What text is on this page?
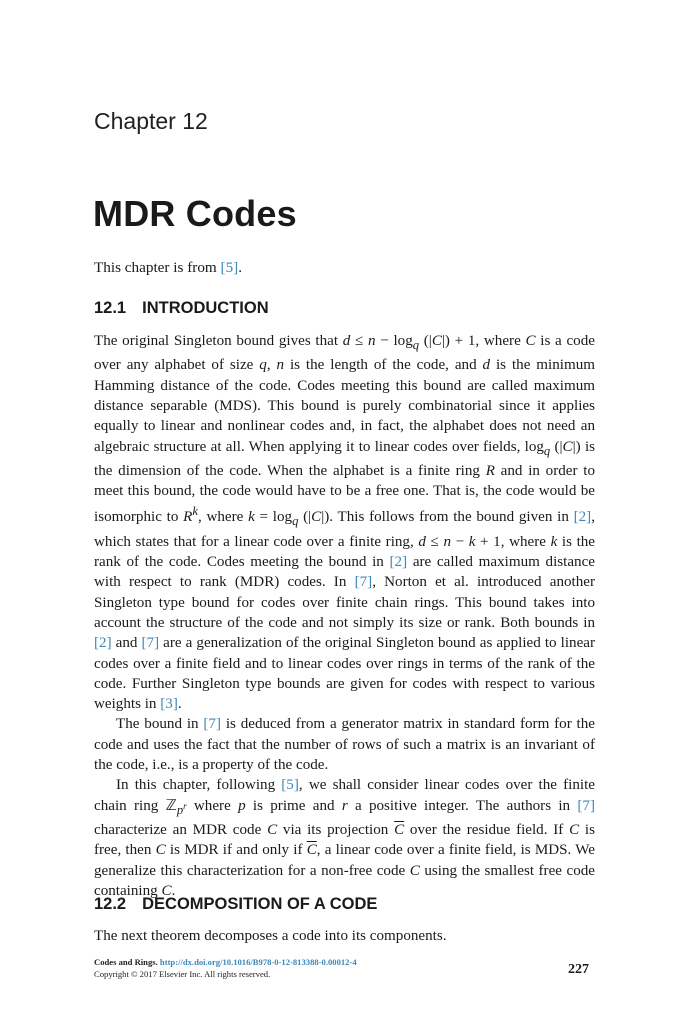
Chapter 12
MDR Codes

This chapter is from [5].

12.1 INTRODUCTION

The original Singleton bound gives that $d \le n - \log_q (|C|) + 1$, where C is a code over any alphabet of size q, n is the length of the code, and d is the minimum Hamming distance of the code. Codes meeting this bound are called maximum distance separable (MDS). This bound is purely combinatorial since it applies equally to linear and nonlinear codes and, in fact, the alphabet does not need an algebraic structure at all. When applying it to linear codes over fields, $\log_q (|C|)$ is the dimension of the code. When the alphabet is a finite ring R and in order to meet this bound, the code would have to be a free one. That is, the code would be isomorphic to $R^k$, where $k = \log_q (|C|)$. This follows from the bound given in [2], which states that for a linear code over a finite ring, d ≤ n − k + 1, where k is the rank of the code. Codes meeting the bound in [2] are called maximum distance with respect to rank (MDR) codes. In [7], Norton et al. introduced another Singleton type bound for codes over finite chain rings. This bound takes into account the structure of the code and not simply its size or rank. Both bounds in [2] and [7] are a generalization of the original Singleton bound as applied to linear codes over a finite field and to linear codes over rings in terms of the rank of the code. Further Singleton type bounds are given for codes with respect to various weights in [3].

The bound in [7] is deduced from a generator matrix in standard form for the code and uses the fact that the number of rows of such a matrix is an invariant of the code, i.e., is a property of the code.

In this chapter, following [5], we shall consider linear codes over the finite chain ring ℤ$_{p^r}$ where p is prime and r a positive integer. The authors in [7] characterize an MDR code C via its projection $\overline{C}$ over the residue field. If C is free, then C is MDR if and only if $\overline{C}$, a linear code over a finite field, is MDS. We generalize this characterization for a non-free code C using the smallest free code containing C.

12.2 DECOMPOSITION OF A CODE

The next theorem decomposes a code into its components.

Codes and Rings. http://dx.doi.org/10.1016/B978-0-12-813388-0.00012-4
Copyright © 2017 Elsevier Inc. All rights reserved.	227
